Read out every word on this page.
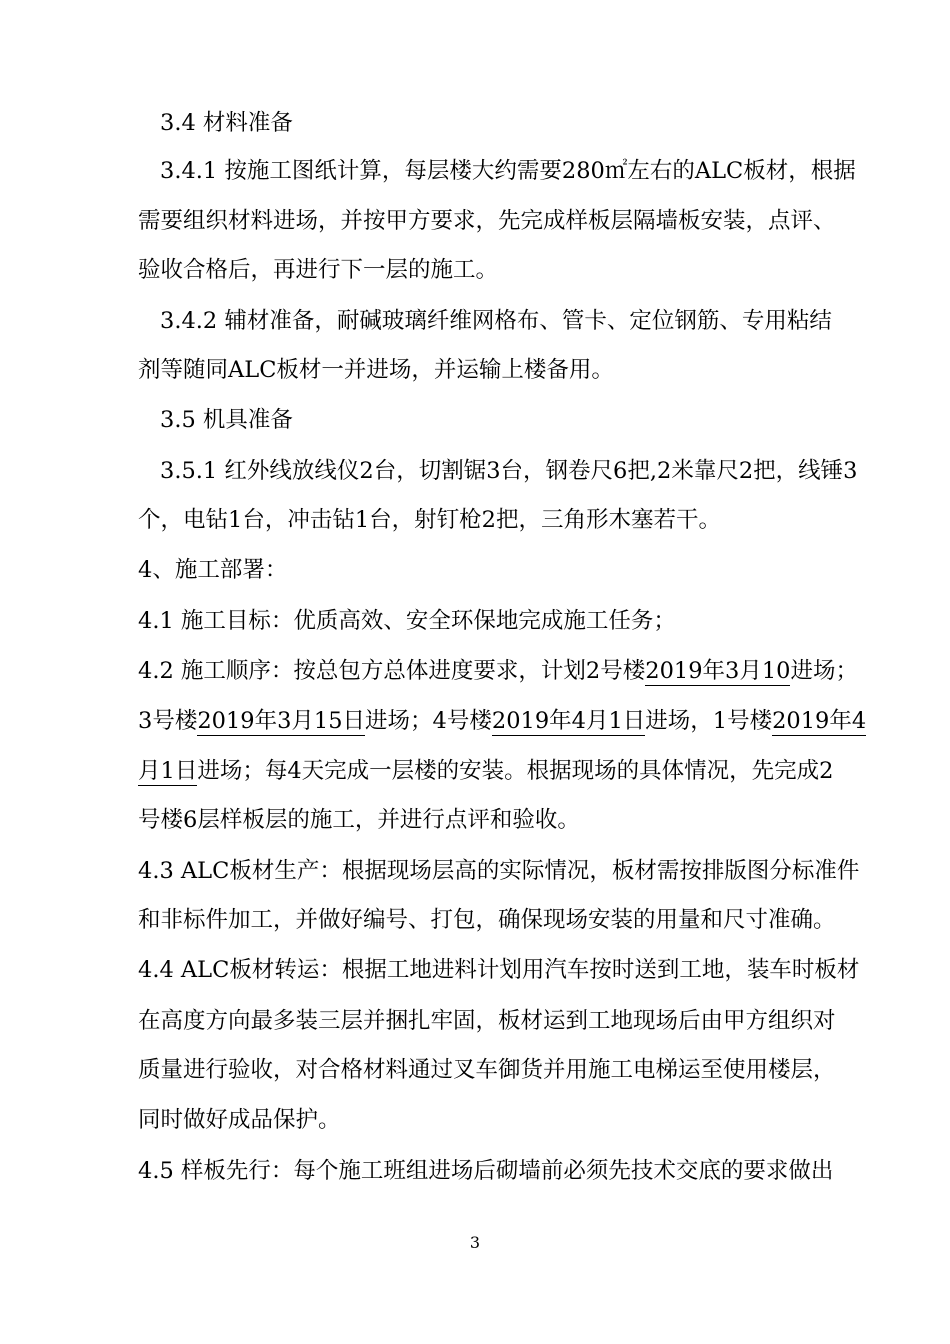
3.4 材料准备
3.4.1 按施工图纸计算，每层楼大约需要280㎡左右的ALC板材，根据
需要组织材料进场，并按甲方要求，先完成样板层隔墙板安装，点评、
验收合格后，再进行下一层的施工。
3.4.2 辅材准备，耐碱玻璃纤维网格布、管卡、定位钢筋、专用粘结
剂等随同ALC板材一并进场，并运输上楼备用。
3.5 机具准备
3.5.1 红外线放线仪2台，切割锯3台，钢卷尺6把,2米靠尺2把，线锤3
个，电钻1台，冲击钻1台，射钉枪2把，三角形木塞若干。
4、施工部署：
4.1 施工目标：优质高效、安全环保地完成施工任务；
4.2 施工顺序：按总包方总体进度要求，计划2号楼2019年3月10进场；
3号楼2019年3月15日进场；4号楼2019年4月1日进场，1号楼2019年4
月1日进场；每4天完成一层楼的安装。根据现场的具体情况，先完成2
号楼6层样板层的施工，并进行点评和验收。
4.3 ALC板材生产：根据现场层高的实际情况，板材需按排版图分标准件
和非标件加工，并做好编号、打包，确保现场安装的用量和尺寸准确。
4.4 ALC板材转运：根据工地进料计划用汽车按时送到工地，装车时板材
在高度方向最多装三层并捆扎牢固，板材运到工地现场后由甲方组织对
质量进行验收，对合格材料通过叉车御货并用施工电梯运至使用楼层，
同时做好成品保护。
4.5 样板先行：每个施工班组进场后砌墙前必须先技术交底的要求做出
3
